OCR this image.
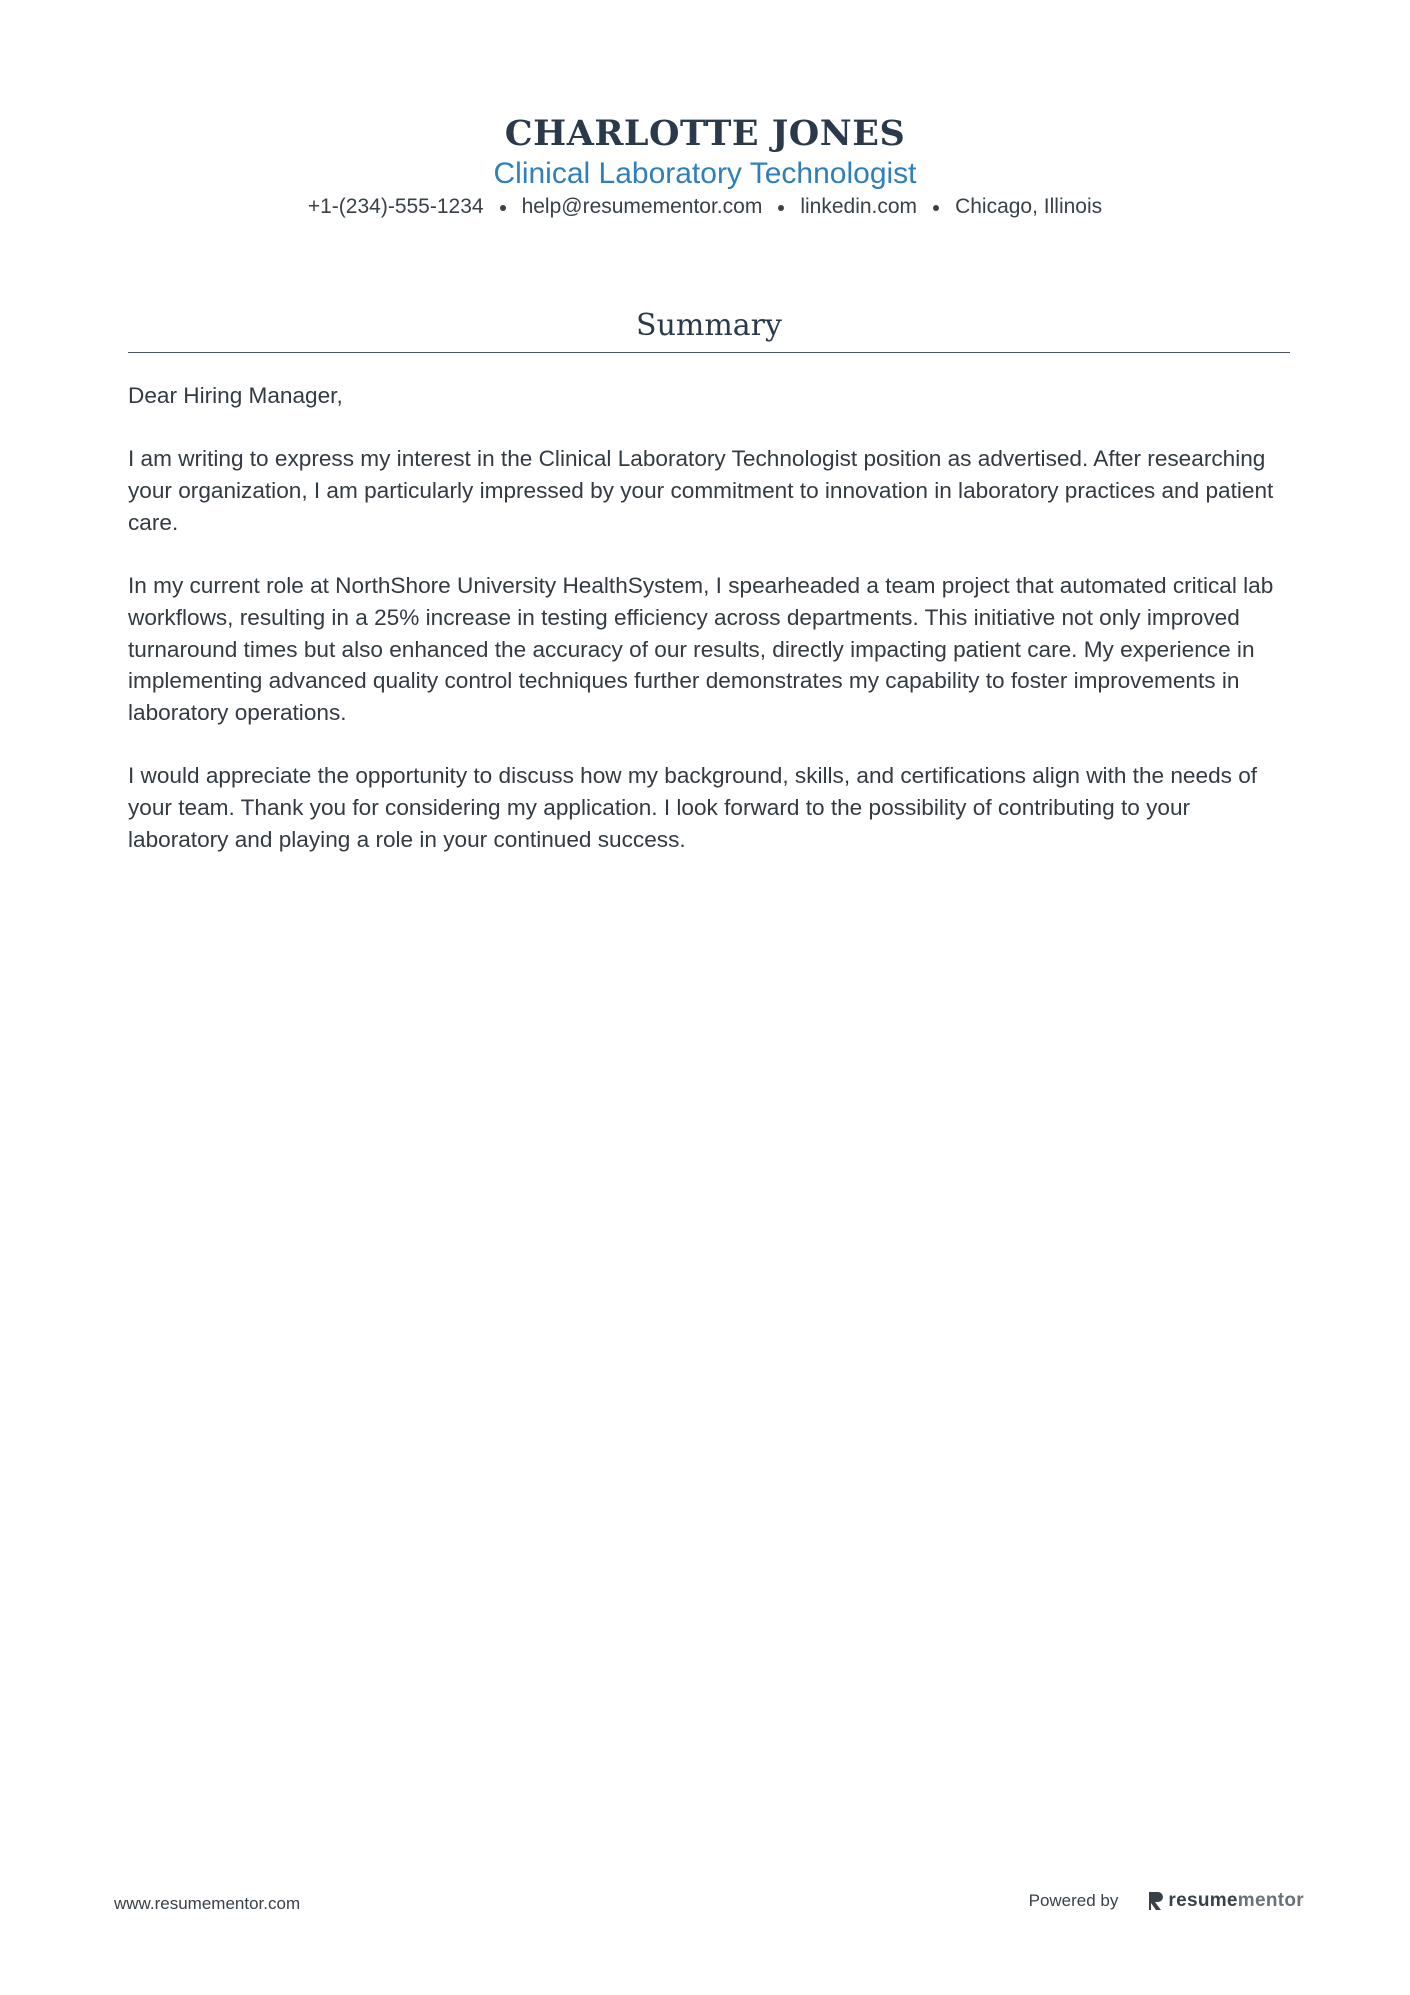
CHARLOTTE JONES
Clinical Laboratory Technologist
+1-(234)-555-1234 help@resumementor.com linkedin.com Chicago, Illinois
Summary

Dear Hiring Manager,

I am writing to express my interest in the Clinical Laboratory Technologist position as advertised. After researching your organization, I am particularly impressed by your commitment to innovation in laboratory practices and patient care.

In my current role at NorthShore University HealthSystem, I spearheaded a team project that automated critical lab workflows, resulting in a 25% increase in testing efficiency across departments. This initiative not only improved turnaround times but also enhanced the accuracy of our results, directly impacting patient care. My experience in implementing advanced quality control techniques further demonstrates my capability to foster improvements in laboratory operations.

I would appreciate the opportunity to discuss how my background, skills, and certifications align with the needs of your team. Thank you for considering my application. I look forward to the possibility of contributing to your laboratory and playing a role in your continued success.

www.resumementor.com	Powered by	resume mentor
